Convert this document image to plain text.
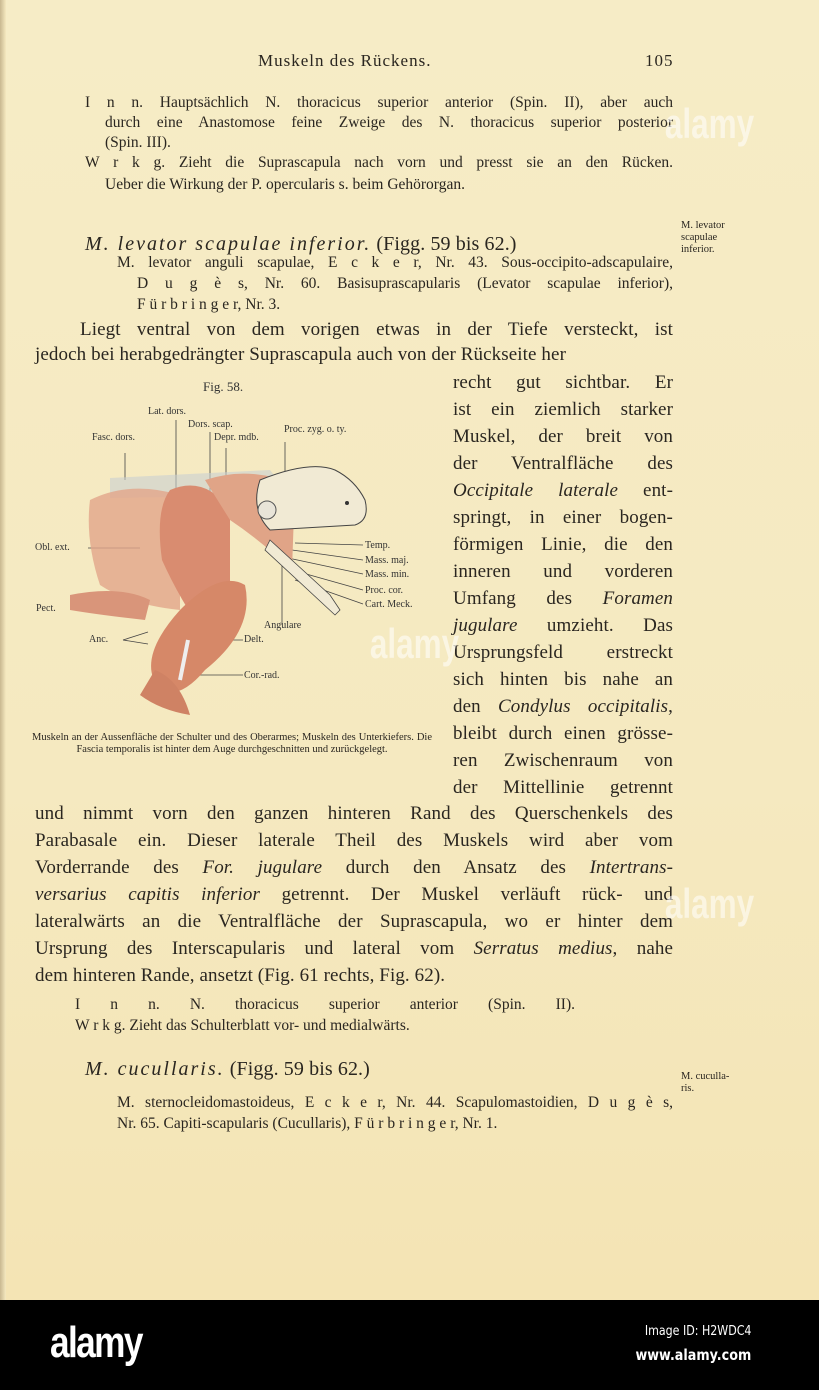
Muskeln des Rückens.	105
I n n. Hauptsächlich N. thoracicus superior anterior (Spin. II), aber auch
durch eine Anastomose feine Zweige des N. thoracicus superior posterior
(Spin. III).
W r k g. Zieht die Suprascapula nach vorn und presst sie an den Rücken.
Ueber die Wirkung der P. opercularis s. beim Gehörorgan.
M. levator anguli scapulae, E c k e r, Nr. 43. Sous-occipito-adscapulaire,
D u g è s, Nr. 60. Basisuprascapularis (Levator scapulae inferior),
F ü r b r i n g e r, Nr. 3.
Liegt ventral von dem vorigen etwas in der Tiefe versteckt, ist
jedoch bei herabgedrängter Suprascapula auch von der Rückseite her
recht gut sichtbar. Er
ist ein ziemlich starker
Muskel, der breit von
der Ventralfläche des
Occipitale laterale ent-
springt, in einer bogen-
förmigen Linie, die den
inneren und vorderen
Umfang des Foramen
jugulare umzieht. Das
Ursprungsfeld erstreckt
sich hinten bis nahe an
den Condylus occipitalis,
bleibt durch einen grösse-
ren Zwischenraum von
der Mittellinie getrennt
und nimmt vorn den ganzen hinteren Rand des Querschenkels des
Parabasale ein. Dieser laterale Theil des Muskels wird aber vom
Vorderrande des For. jugulare durch den Ansatz des Intertrans-
versarius capitis inferior getrennt. Der Muskel verläuft rück- und
lateralwärts an die Ventralfläche der Suprascapula, wo er hinter dem
Ursprung des Interscapularis und lateral vom Serratus medius, nahe
dem hinteren Rande, ansetzt (Fig. 61 rechts, Fig. 62).
I n n. N. thoracicus superior anterior (Spin. II).
W r k g. Zieht das Schulterblatt vor- und medialwärts.
M. sternocleidomastoideus, E c k e r, Nr. 44. Scapulomastoidien, D u g è s,
Nr. 65. Capiti-scapularis (Cucullaris), F ü r b r i n g e r, Nr. 1.
M. levator scapulae inferior. (Figg. 59 bis 62.)
M. cucullaris. (Figg. 59 bis 62.)
M. levator
scapulae
inferior.
M. cuculla-
ris.
Fig. 58.
Lat. dors.
Dors. scap.
Fasc. dors.	Depr. mdb.
Proc. zyg. o. ty.
Obl. ext.	Temp.
Mass. maj.
Mass. min.
Proc. cor.
Cart. Meck.
Pect.
Angulare
Anc.	Delt.
Cor.-rad.
Muskeln an der Aussenfläche der Schulter und des Oberarmes; Muskeln des Unterkiefers. Die Fascia temporalis ist hinter dem Auge durchgeschnitten und zurückgelegt.
alamy
alamy
alamy
alamy	Image ID: H2WDC4
www.alamy.com
